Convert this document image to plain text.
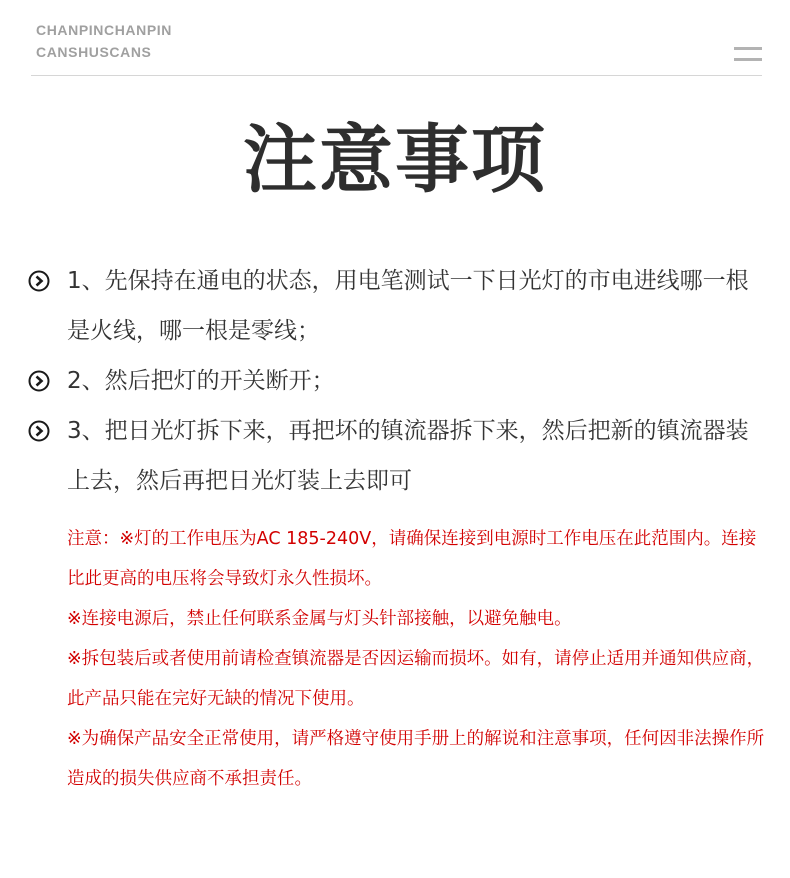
CHANPINCHANPIN
CANSHUSCANS
注意事项
1、先保持在通电的状态，用电笔测试一下日光灯的市电进线哪一根是火线，哪一根是零线；
2、然后把灯的开关断开；
3、把日光灯拆下来，再把坏的镇流器拆下来，然后把新的镇流器装上去，然后再把日光灯装上去即可

注意：※灯的工作电压为AC 185-240V，请确保连接到电源时工作电压在此范围内。连接比此更高的电压将会导致灯永久性损坏。

※连接电源后，禁止任何联系金属与灯头针部接触，以避免触电。

※拆包装后或者使用前请检查镇流器是否因运输而损坏。如有，请停止适用并通知供应商，此产品只能在完好无缺的情况下使用。

※为确保产品安全正常使用，请严格遵守使用手册上的解说和注意事项，任何因非法操作所造成的损失供应商不承担责任。
